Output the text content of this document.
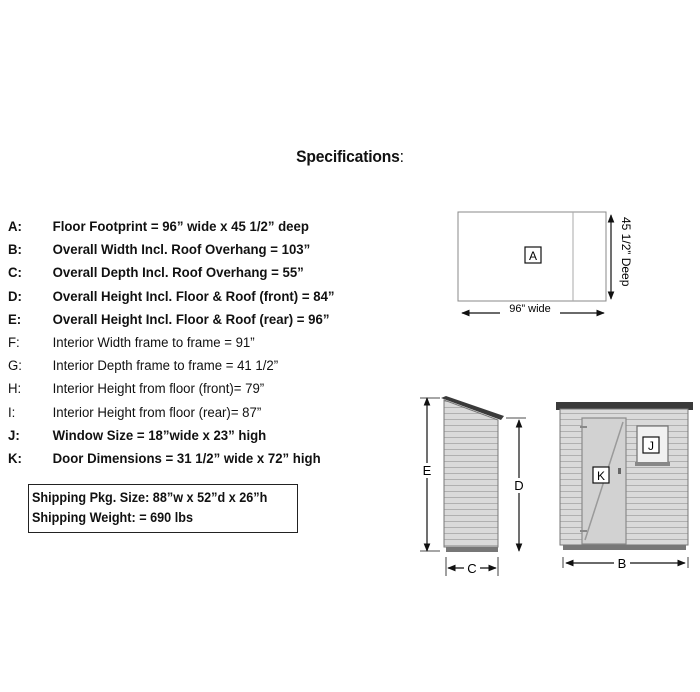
Specifications:
A: Floor Footprint = 96” wide x 45 1/2” deep
B: Overall Width Incl. Roof Overhang = 103”
C: Overall Depth Incl. Roof Overhang = 55”
D: Overall Height Incl. Floor & Roof (front) = 84”
E: Overall Height Incl. Floor & Roof (rear) = 96”
F: Interior Width frame to frame = 91”
G: Interior Depth frame to frame = 41 1/2”
H: Interior Height from floor (front)= 79”
I:	Interior Height from floor (rear)= 87”
J: Window Size = 18”wide x 23” high
K: Door Dimensions = 31 1/2” wide x 72” high
Shipping Pkg. Size: 88”w x 52”d x 26”h
Shipping Weight: = 690 lbs
A
96” wide
45 1/2” Deep
E
D
C
K
J
B
